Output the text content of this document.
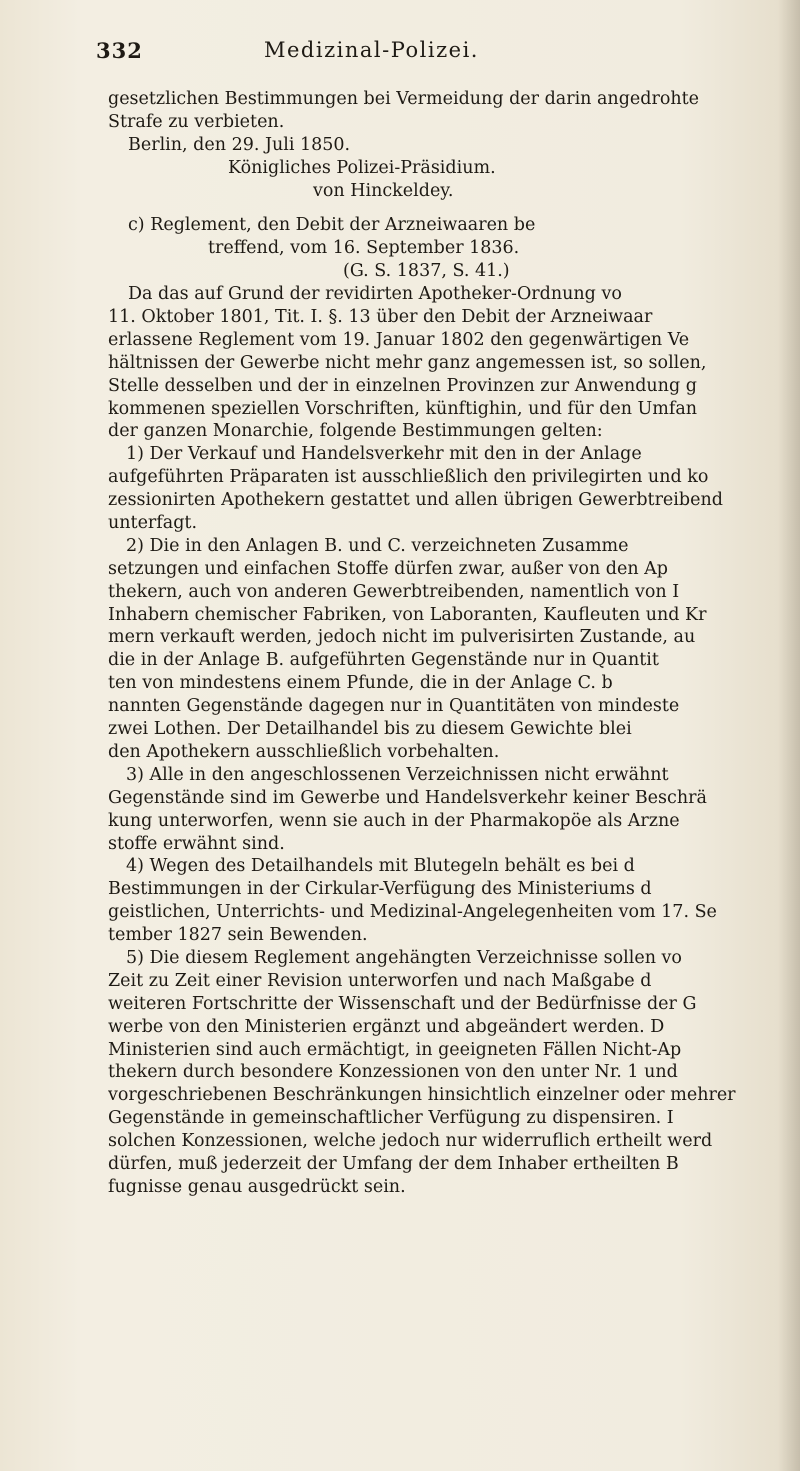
332	Medizinal-Polizei.
gesetzlichen Bestimmungen bei Vermeidung der darin angedrohte
Strafe zu verbieten.
Berlin, den 29. Juli 1850.
Königliches Polizei-Präsidium.
von Hinckeldey.
c) Reglement, den Debit der Arzneiwaaren be
treffend, vom 16. September 1836.
(G. S. 1837, S. 41.)
Da das auf Grund der revidirten Apotheker-Ordnung vo
11. Oktober 1801, Tit. I. §. 13 über den Debit der Arzneiwaar
erlassene Reglement vom 19. Januar 1802 den gegenwärtigen Ve
hältnissen der Gewerbe nicht mehr ganz angemessen ist, so sollen,
Stelle desselben und der in einzelnen Provinzen zur Anwendung g
kommenen speziellen Vorschriften, künftighin, und für den Umfan
der ganzen Monarchie, folgende Bestimmungen gelten:
1) Der Verkauf und Handelsverkehr mit den in der Anlage
aufgeführten Präparaten ist ausschließlich den privilegirten und ko
zessionirten Apothekern gestattet und allen übrigen Gewerbtreibend
unterfagt.
2) Die in den Anlagen B. und C. verzeichneten Zusamme
setzungen und einfachen Stoffe dürfen zwar, außer von den Ap
thekern, auch von anderen Gewerbtreibenden, namentlich von I
Inhabern chemischer Fabriken, von Laboranten, Kaufleuten und Kr
mern verkauft werden, jedoch nicht im pulverisirten Zustande, au
die in der Anlage B. aufgeführten Gegenstände nur in Quantit
ten von mindestens einem Pfunde, die in der Anlage C. b
nannten Gegenstände dagegen nur in Quantitäten von mindeste
zwei Lothen. Der Detailhandel bis zu diesem Gewichte blei
den Apothekern ausschließlich vorbehalten.
3) Alle in den angeschlossenen Verzeichnissen nicht erwähnt
Gegenstände sind im Gewerbe und Handelsverkehr keiner Beschrä
kung unterworfen, wenn sie auch in der Pharmakopöe als Arzne
stoffe erwähnt sind.
4) Wegen des Detailhandels mit Blutegeln behält es bei d
Bestimmungen in der Cirkular-Verfügung des Ministeriums d
geistlichen, Unterrichts- und Medizinal-Angelegenheiten vom 17. Se
tember 1827 sein Bewenden.
5) Die diesem Reglement angehängten Verzeichnisse sollen vo
Zeit zu Zeit einer Revision unterworfen und nach Maßgabe d
weiteren Fortschritte der Wissenschaft und der Bedürfnisse der G
werbe von den Ministerien ergänzt und abgeändert werden. D
Ministerien sind auch ermächtigt, in geeigneten Fällen Nicht-Ap
thekern durch besondere Konzessionen von den unter Nr. 1 und
vorgeschriebenen Beschränkungen hinsichtlich einzelner oder mehrer
Gegenstände in gemeinschaftlicher Verfügung zu dispensiren. I
solchen Konzessionen, welche jedoch nur widerruflich ertheilt werd
dürfen, muß jederzeit der Umfang der dem Inhaber ertheilten B
fugnisse genau ausgedrückt sein.
